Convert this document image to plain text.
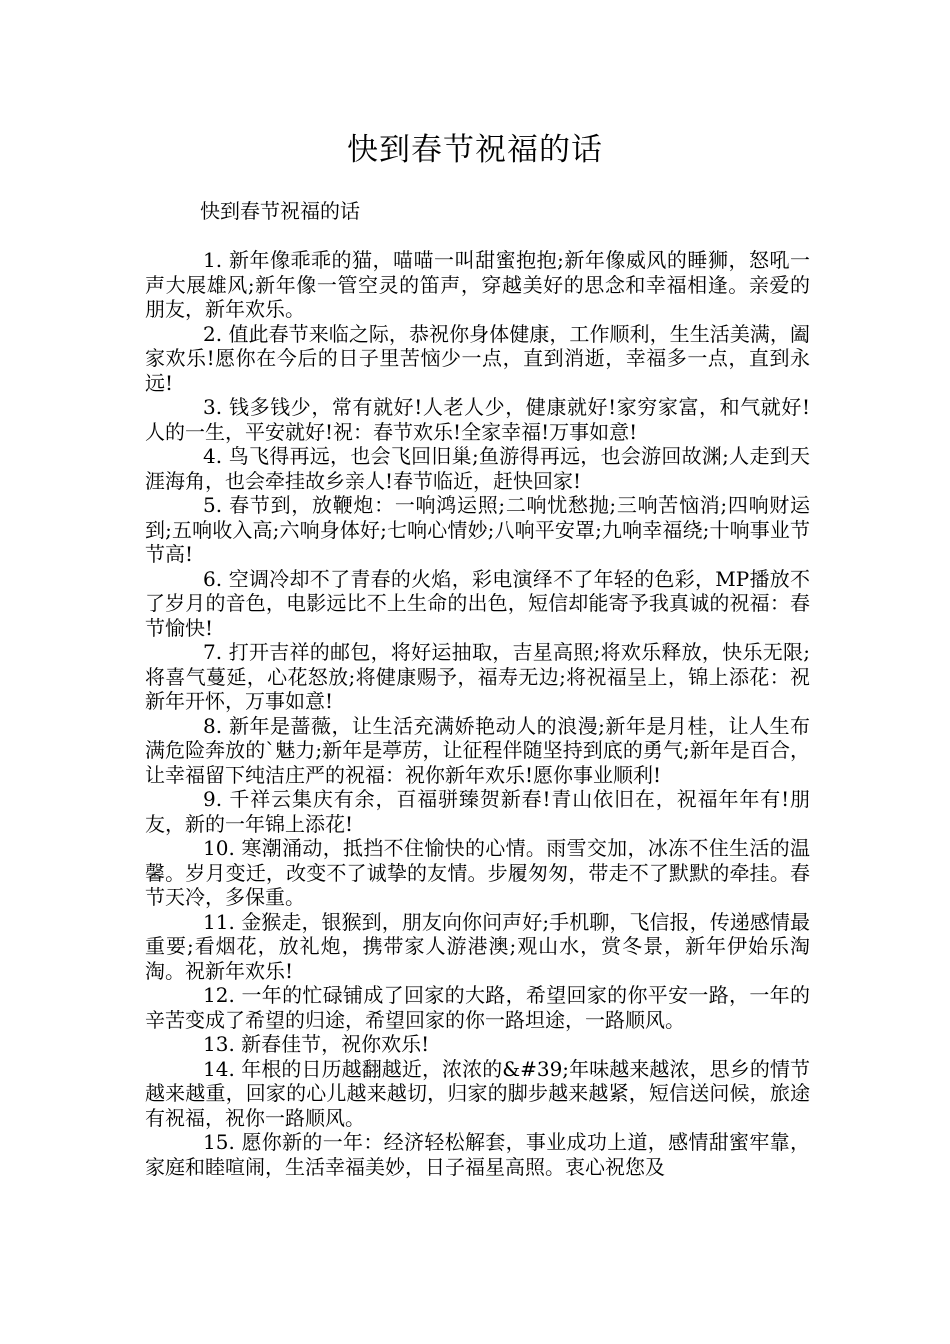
快到春节祝福的话
快到春节祝福的话

1. 新年像乖乖的猫，喵喵一叫甜蜜抱抱;新年像威风的睡狮，怒吼一声大展雄风;新年像一管空灵的笛声，穿越美好的思念和幸福相逢。亲爱的朋友，新年欢乐。

2. 值此春节来临之际，恭祝你身体健康，工作顺利，生生活美满，阖家欢乐!愿你在今后的日子里苦恼少一点，直到消逝，幸福多一点，直到永远!

3. 钱多钱少，常有就好!人老人少，健康就好!家穷家富，和气就好!人的一生，平安就好!祝：春节欢乐!全家幸福!万事如意!

4. 鸟飞得再远，也会飞回旧巢;鱼游得再远，也会游回故渊;人走到天涯海角，也会牵挂故乡亲人!春节临近，赶快回家!

5. 春节到，放鞭炮：一响鸿运照;二响忧愁抛;三响苦恼消;四响财运到;五响收入高;六响身体好;七响心情妙;八响平安罩;九响幸福绕;十响事业节节高!

6. 空调冷却不了青春的火焰，彩电演绎不了年轻的色彩，MP播放不了岁月的音色，电影远比不上生命的出色，短信却能寄予我真诚的祝福：春节愉快!

7. 打开吉祥的邮包，将好运抽取，吉星高照;将欢乐释放，快乐无限;将喜气蔓延，心花怒放;将健康赐予，福寿无边;将祝福呈上，锦上添花：祝新年开怀，万事如意!

8. 新年是蔷薇，让生活充满娇艳动人的浪漫;新年是月桂，让人生布满危险奔放的`魅力;新年是葶苈，让征程伴随坚持到底的勇气;新年是百合，让幸福留下纯洁庄严的祝福：祝你新年欢乐!愿你事业顺利!

9. 千祥云集庆有余，百福骈臻贺新春!青山依旧在，祝福年年有!朋友，新的一年锦上添花!

10. 寒潮涌动，抵挡不住愉快的心情。雨雪交加，冰冻不住生活的温馨。岁月变迁，改变不了诚挚的友情。步履匆匆，带走不了默默的牵挂。春节天冷，多保重。

11. 金猴走，银猴到，朋友向你问声好;手机聊，飞信报，传递感情最重要;看烟花，放礼炮，携带家人游港澳;观山水，赏冬景，新年伊始乐淘淘。祝新年欢乐!

12. 一年的忙碌铺成了回家的大路，希望回家的你平安一路，一年的辛苦变成了希望的归途，希望回家的你一路坦途，一路顺风。

13. 新春佳节，祝你欢乐!

14. 年根的日历越翻越近，浓浓的&#39;年味越来越浓，思乡的情节越来越重，回家的心儿越来越切，归家的脚步越来越紧，短信送问候，旅途有祝福，祝你一路顺风。

15. 愿你新的一年：经济轻松解套，事业成功上道，感情甜蜜牢靠，家庭和睦喧闹，生活幸福美妙，日子福星高照。衷心祝您及
